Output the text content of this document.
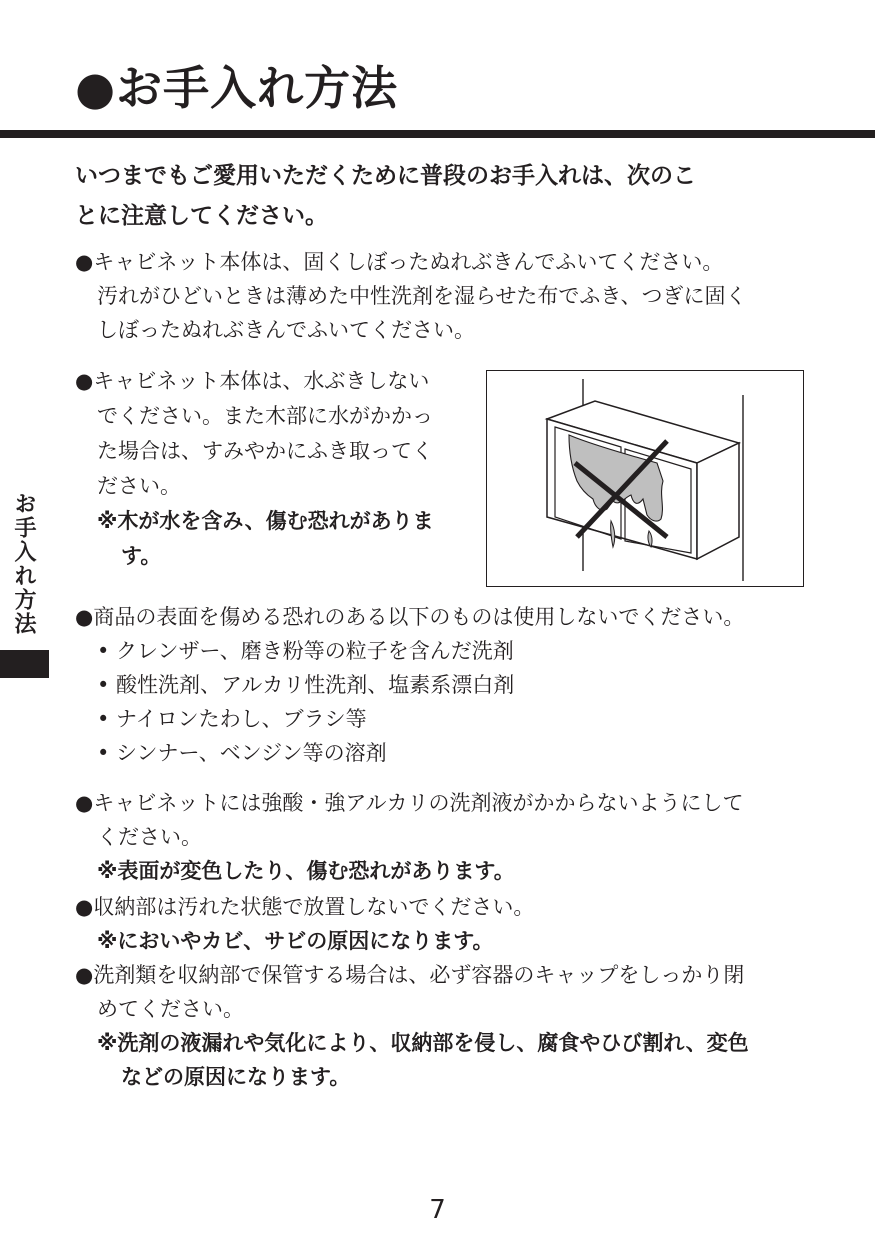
●お手入れ方法
お手入れ方法
いつまでもご愛用いただくために普段のお手入れは、次のこ
とに注意してください。
●キャビネット本体は、固くしぼったぬれぶきんでふいてください。
汚れがひどいときは薄めた中性洗剤を湿らせた布でふき、つぎに固く
しぼったぬれぶきんでふいてください。
●キャビネット本体は、水ぶきしない
でください。また木部に水がかかっ
た場合は、すみやかにふき取ってく
ださい。
※木が水を含み、傷む恐れがありま
す。
●商品の表面を傷める恐れのある以下のものは使用しないでください。
• クレンザー、磨き粉等の粒子を含んだ洗剤
• 酸性洗剤、アルカリ性洗剤、塩素系漂白剤
• ナイロンたわし、ブラシ等
• シンナー、ベンジン等の溶剤
●キャビネットには強酸・強アルカリの洗剤液がかからないようにして
ください。
※表面が変色したり、傷む恐れがあります。
●収納部は汚れた状態で放置しないでください。
※においやカビ、サビの原因になります。
●洗剤類を収納部で保管する場合は、必ず容器のキャップをしっかり閉
めてください。
※洗剤の液漏れや気化により、収納部を侵し、腐食やひび割れ、変色
などの原因になります。
7
